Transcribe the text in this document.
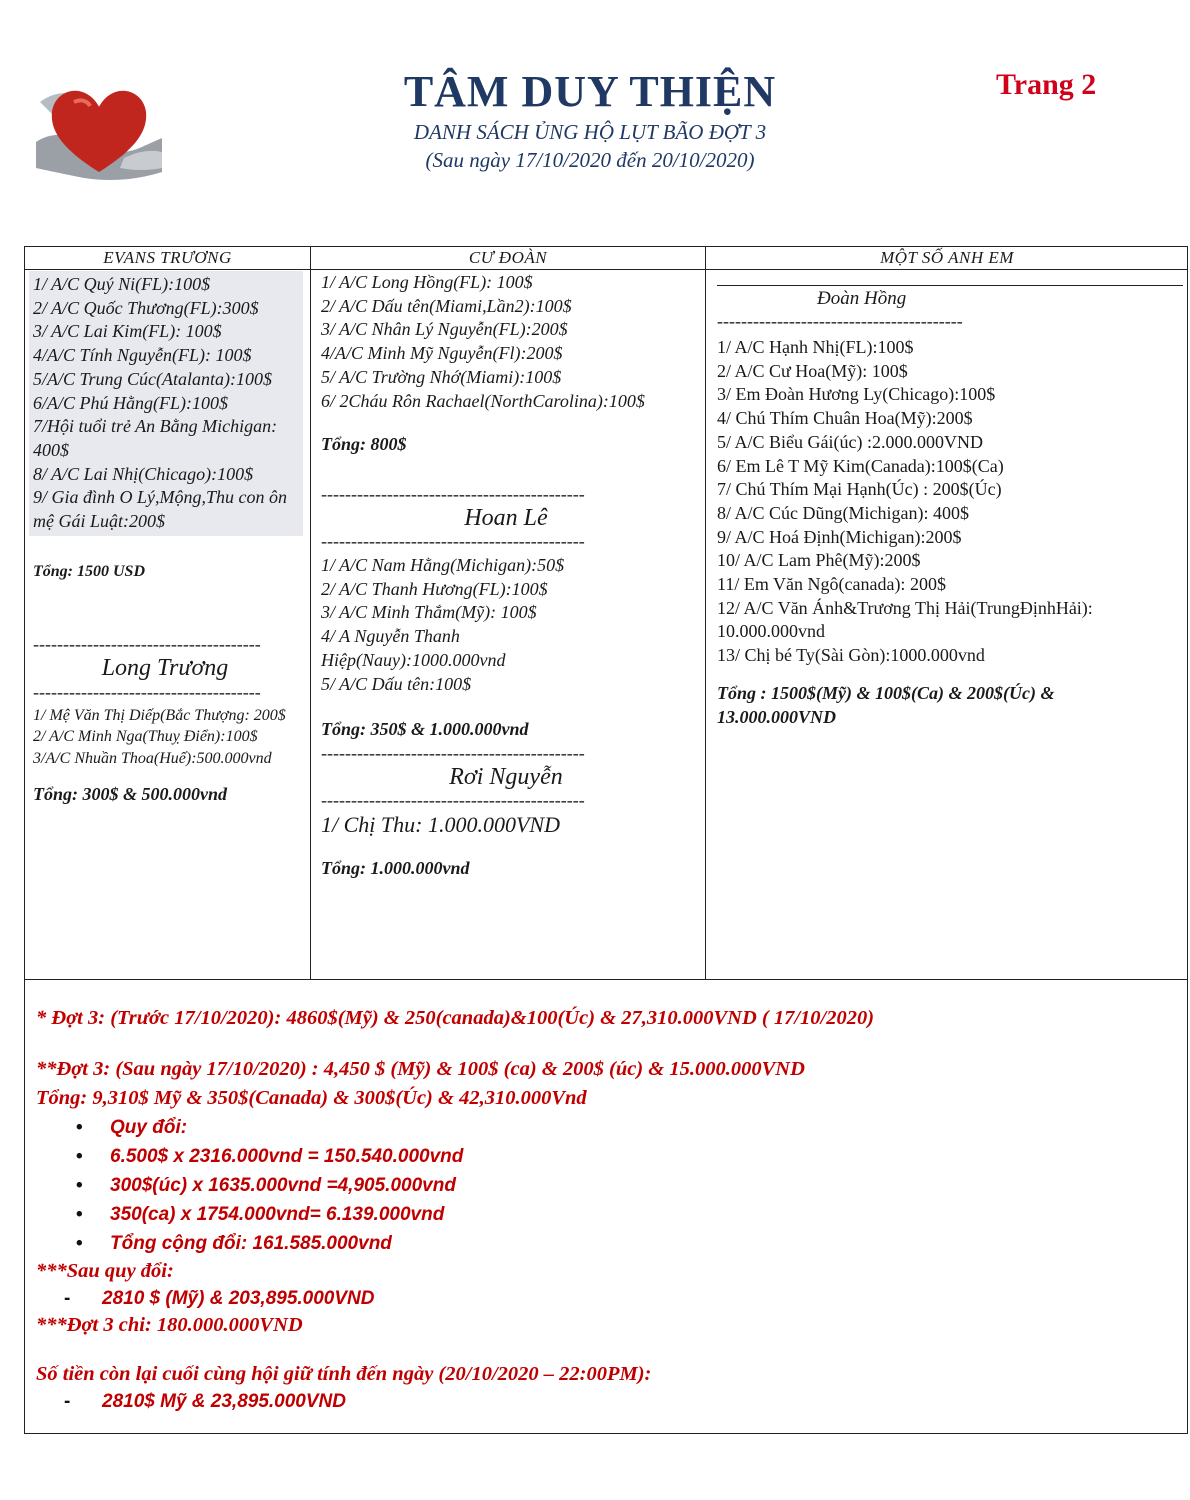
TÂM DUY THIỆN
DANH SÁCH ỦNG HỘ LỤT BÃO ĐỢT 3
(Sau ngày 17/10/2020 đến 20/10/2020)
Trang 2
EVANS TRƯƠNG	CƯ ĐOÀN	MỘT SỐ ANH EM
1/ A/C Quý Ni(FL):100$
2/ A/C Quốc Thương(FL):300$
3/ A/C Lai Kim(FL): 100$
4/A/C Tính Nguyễn(FL): 100$
5/A/C Trung Cúc(Atalanta):100$
6/A/C Phú Hằng(FL):100$
7/Hội tuổi trẻ An Bằng Michigan: 400$
8/ A/C Lai Nhị(Chicago):100$
9/ Gia đình O Lý,Mộng,Thu con ôn mệ Gái Luật:200$
Tổng: 1500 USD
--------------------------------------
Long Trương
--------------------------------------
1/ Mệ Văn Thị Diếp(Bắc Thượng: 200$
2/ A/C Minh Nga(Thuỵ Điển):100$
3/A/C Nhuần Thoa(Huế):500.000vnd
Tổng: 300$ & 500.000vnd
1/ A/C Long Hồng(FL): 100$
2/ A/C Dấu tên(Miami,Lần2):100$
3/ A/C Nhân Lý Nguyễn(FL):200$
4/A/C Minh Mỹ Nguyễn(Fl):200$
5/ A/C Trường Nhớ(Miami):100$
6/ 2Cháu Rôn Rachael(NorthCarolina):100$
Tổng: 800$
--------------------------------------------
Hoan Lê
--------------------------------------------
1/ A/C Nam Hằng(Michigan):50$
2/ A/C Thanh Hương(FL):100$
3/ A/C Minh Thắm(Mỹ): 100$
4/ A Nguyễn Thanh Hiệp(Nauy):1000.000vnd
5/ A/C Dấu tên:100$
Tổng: 350$ & 1.000.000vnd
--------------------------------------------
Rơi Nguyễn
--------------------------------------------
1/ Chị Thu: 1.000.000VND
Tổng: 1.000.000vnd
Đoàn Hồng
-----------------------------------------
1/ A/C Hạnh Nhị(FL):100$
2/ A/C Cư Hoa(Mỹ): 100$
3/ Em Đoàn Hương Ly(Chicago):100$
4/ Chú Thím Chuân Hoa(Mỹ):200$
5/ A/C Biểu Gái(úc) :2.000.000VND
6/ Em Lê T Mỹ Kim(Canada):100$(Ca)
7/ Chú Thím Mại Hạnh(Úc) : 200$(Úc)
8/ A/C Cúc Dũng(Michigan): 400$
9/ A/C Hoá Định(Michigan):200$
10/ A/C Lam Phê(Mỹ):200$
11/ Em Văn Ngô(canada): 200$
12/ A/C Văn Ánh&Trương Thị Hải(TrungĐịnhHải): 10.000.000vnd
13/ Chị bé Ty(Sài Gòn):1000.000vnd
Tổng : 1500$(Mỹ) & 100$(Ca) & 200$(Úc) & 13.000.000VND

* Đợt 3: (Trước 17/10/2020): 4860$(Mỹ) & 250(canada)&100(Úc) & 27,310.000VND ( 17/10/2020)

**Đợt 3: (Sau ngày 17/10/2020) : 4,450 $ (Mỹ) & 100$ (ca) & 200$ (úc) & 15.000.000VND

Tổng: 9,310$ Mỹ & 350$(Canada) & 300$(Úc) & 42,310.000Vnd

• Quy đổi:

• 6.500$ x 2316.000vnd = 150.540.000vnd

• 300$(úc) x 1635.000vnd =4,905.000vnd

• 350(ca) x 1754.000vnd= 6.139.000vnd

• Tổng cộng đổi: 161.585.000vnd

***Sau quy đổi:

- 2810 $ (Mỹ) & 203,895.000VND

***Đợt 3 chi: 180.000.000VND

Số tiền còn lại cuối cùng hội giữ tính đến ngày (20/10/2020 – 22:00PM):

- 2810$ Mỹ & 23,895.000VND
